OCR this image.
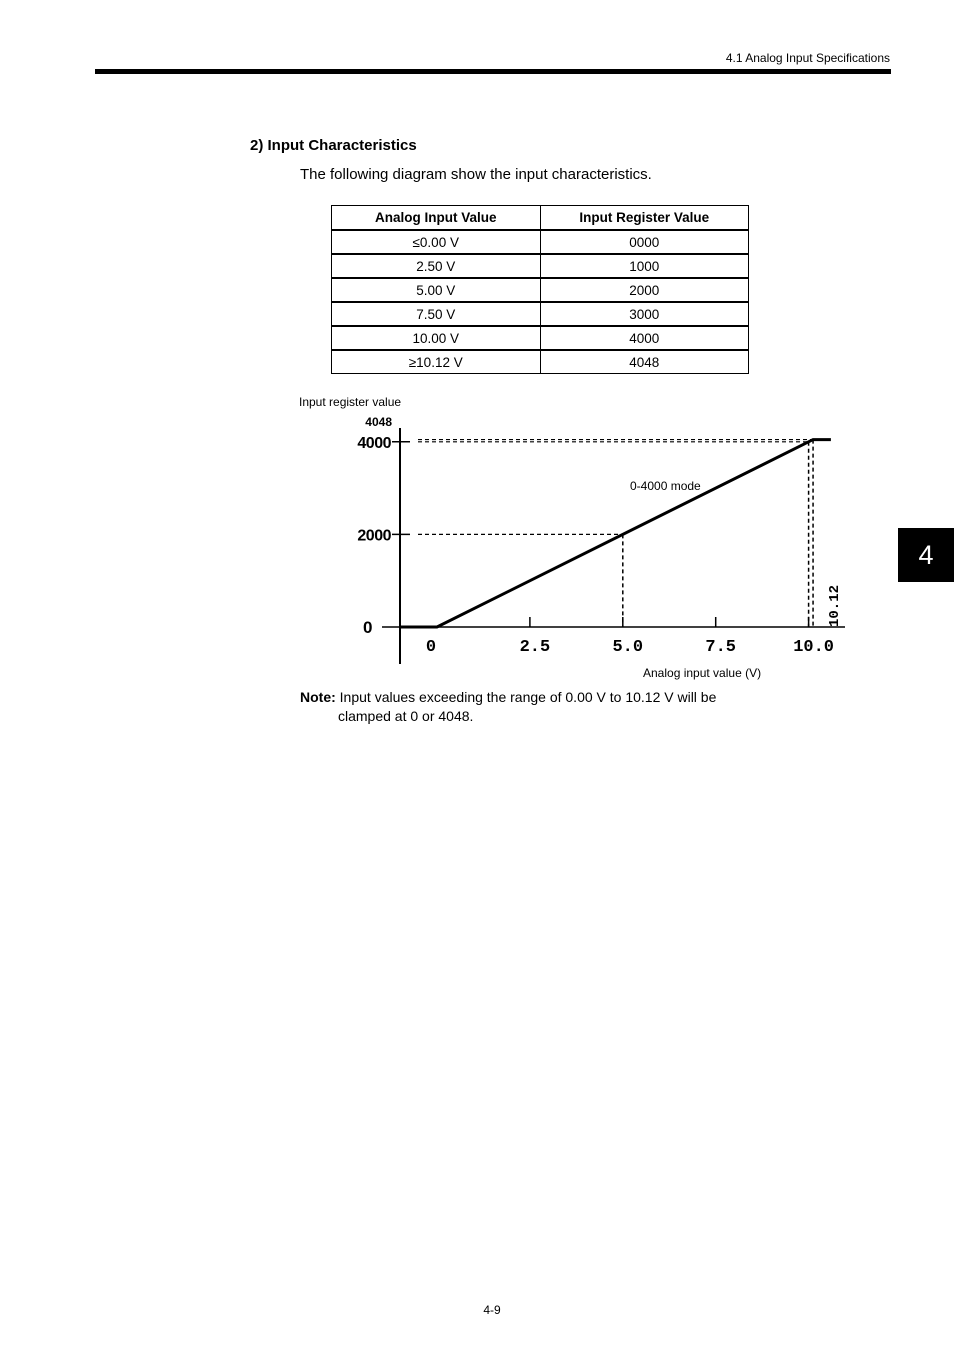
4.1 Analog Input Specifications
4
2) Input Characteristics
The following diagram show the input characteristics.
Analog Input Value	Input Register Value
≤0.00 V	0000
2.50 V	1000
5.00 V	2000
7.50 V	3000
10.00 V	4000
≥10.12 V	4048
Input register value
Analog input value (V)
0
2000
4000
4048
0	2.5	5.0	7.5	10.0
10.12
0-4000 mode
Note: Input values exceeding the range of 0.00 V to 10.12 V will be
clamped at 0 or 4048.
4-9
